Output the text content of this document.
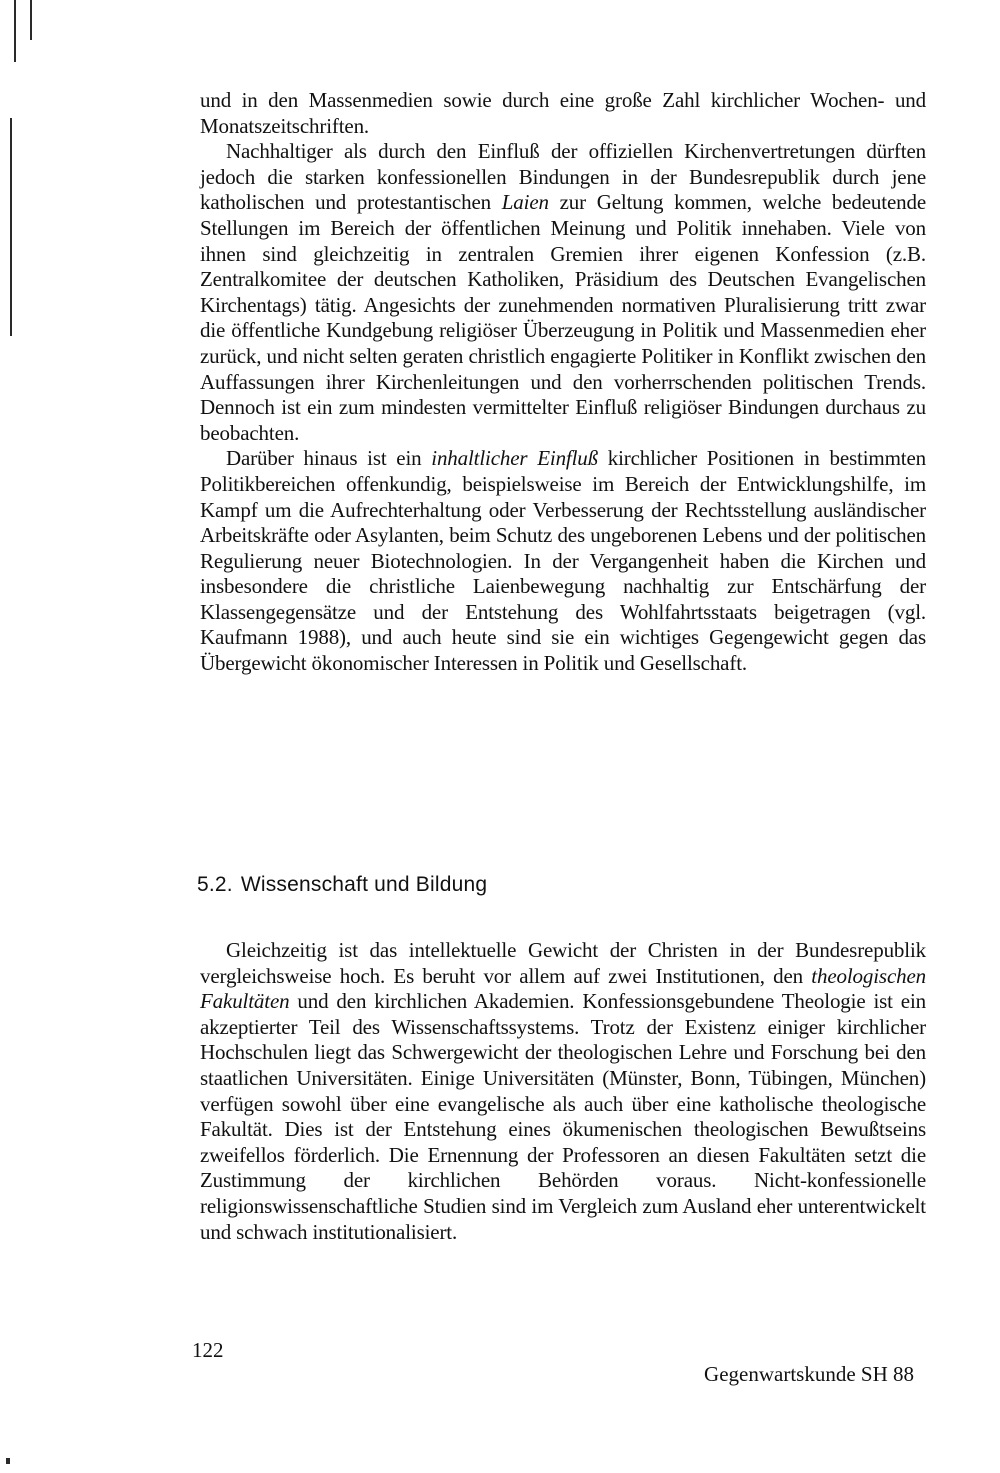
und in den Massenmedien sowie durch eine große Zahl kirchlicher Wochen- und Monatszeitschriften.

Nachhaltiger als durch den Einfluß der offiziellen Kirchenvertretungen dürften jedoch die starken konfessionellen Bindungen in der Bundesrepublik durch jene katholischen und protestantischen Laien zur Geltung kommen, welche bedeutende Stellungen im Bereich der öffentlichen Meinung und Politik innehaben. Viele von ihnen sind gleichzeitig in zentralen Gremien ihrer eigenen Konfession (z.B. Zentralkomitee der deutschen Katholiken, Präsidium des Deutschen Evangelischen Kirchentags) tätig. Angesichts der zunehmenden normativen Pluralisierung tritt zwar die öffentliche Kundgebung religiöser Überzeugung in Politik und Massenmedien eher zurück, und nicht selten geraten christlich engagierte Politiker in Konflikt zwischen den Auffassungen ihrer Kirchenleitungen und den vorherrschenden politischen Trends. Dennoch ist ein zum mindesten vermittelter Einfluß religiöser Bindungen durchaus zu beobachten.

Darüber hinaus ist ein inhaltlicher Einfluß kirchlicher Positionen in bestimmten Politikbereichen offenkundig, beispielsweise im Bereich der Entwicklungshilfe, im Kampf um die Aufrechterhaltung oder Verbesserung der Rechtsstellung ausländischer Arbeitskräfte oder Asylanten, beim Schutz des ungeborenen Lebens und der politischen Regulierung neuer Biotechnologien. In der Vergangenheit haben die Kirchen und insbesondere die christliche Laienbewegung nachhaltig zur Entschärfung der Klassengegensätze und der Entstehung des Wohlfahrtsstaats beigetragen (vgl. Kaufmann 1988), und auch heute sind sie ein wichtiges Gegengewicht gegen das Übergewicht ökonomischer Interessen in Politik und Gesellschaft.

5.2. Wissenschaft und Bildung

Gleichzeitig ist das intellektuelle Gewicht der Christen in der Bundesrepublik vergleichsweise hoch. Es beruht vor allem auf zwei Institutionen, den theologischen Fakultäten und den kirchlichen Akademien. Konfessionsgebundene Theologie ist ein akzeptierter Teil des Wissenschaftssystems. Trotz der Existenz einiger kirchlicher Hochschulen liegt das Schwergewicht der theologischen Lehre und Forschung bei den staatlichen Universitäten. Einige Universitäten (Münster, Bonn, Tübingen, München) verfügen sowohl über eine evangelische als auch über eine katholische theologische Fakultät. Dies ist der Entstehung eines ökumenischen theologischen Bewußtseins zweifellos förderlich. Die Ernennung der Professoren an diesen Fakultäten setzt die Zustimmung der kirchlichen Behörden voraus. Nicht-konfessionelle religionswissenschaftliche Studien sind im Vergleich zum Ausland eher unterentwickelt und schwach institutionalisiert.

122
Gegenwartskunde SH 88
